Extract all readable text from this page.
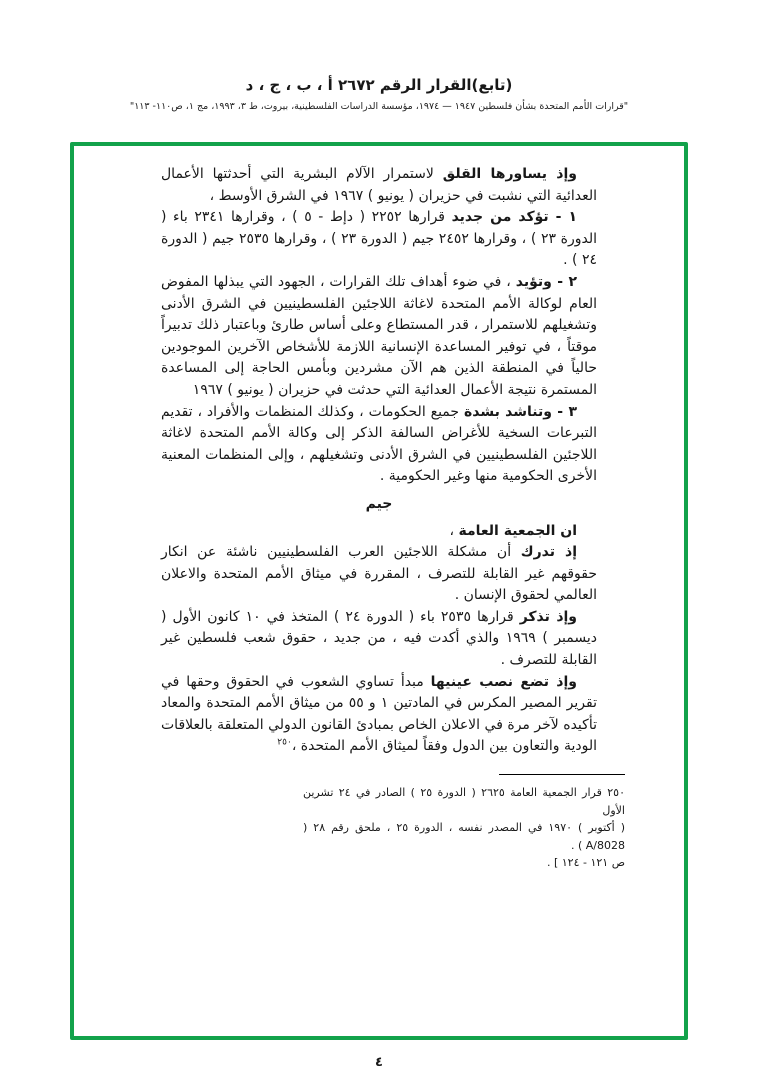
(تابع)القرار الرقم ٢٦٧٢ أ ، ب ، ج ، د
"قرارات الأمم المتحدة بشأن فلسطين ١٩٤٧ — ١٩٧٤، مؤسسة الدراسات الفلسطينية، بيروت، ط ٣، ١٩٩٣، مج ١، ص١١٠- ١١٣"

وإذ يساورها القلق لاستمرار الآلام البشرية التي أحدثتها الأعمال العدائية التي نشبت في حزيران ( يونيو ) ١٩٦٧ في الشرق الأوسط ،

١ - تؤكد من جديد قرارها ٢٢٥٢ ( دإط - ٥ ) ، وقرارها ٢٣٤١ باء ( الدورة ٢٣ ) ، وقرارها ٢٤٥٢ جيم ( الدورة ٢٣ ) ، وقرارها ٢٥٣٥ جيم ( الدورة ٢٤ ) .

٢ - وتؤيد ، في ضوء أهداف تلك القرارات ، الجهود التي يبذلها المفوض العام لوكالة الأمم المتحدة لاغاثة اللاجئين الفلسطينيين في الشرق الأدنى وتشغيلهم للاستمرار ، قدر المستطاع وعلى أساس طارئ وباعتبار ذلك تدبيراً موقتاً ، في توفير المساعدة الإنسانية اللازمة للأشخاص الآخرين الموجودين حالياً في المنطقة الذين هم الآن مشردين وبأمس الحاجة إلى المساعدة المستمرة نتيجة الأعمال العدائية التي حدثت في حزيران ( يونيو ) ١٩٦٧

٣ - وتناشد بشدة جميع الحكومات ، وكذلك المنظمات والأفراد ، تقديم التبرعات السخية للأغراض السالفة الذكر إلى وكالة الأمم المتحدة لاغاثة اللاجئين الفلسطينيين في الشرق الأدنى وتشغيلهم ، وإلى المنظمات المعنية الأخرى الحكومية منها وغير الحكومية .

جيم

ان الجمعية العامة ،

إذ تدرك أن مشكلة اللاجئين العرب الفلسطينيين ناشئة عن انكار حقوقهم غير القابلة للتصرف ، المقررة في ميثاق الأمم المتحدة والاعلان العالمي لحقوق الإنسان .

وإذ تذكر قرارها ٢٥٣٥ باء ( الدورة ٢٤ ) المتخذ في ١٠ كانون الأول ( ديسمبر ) ١٩٦٩ والذي أكدت فيه ، من جديد ، حقوق شعب فلسطين غير القابلة للتصرف .

وإذ تضع نصب عينيها مبدأ تساوي الشعوب في الحقوق وحقها في تقرير المصير المكرس في المادتين ١ و ٥٥ من ميثاق الأمم المتحدة والمعاد تأكيده لآخر مرة في الاعلان الخاص بمبادئ القانون الدولي المتعلقة بالعلاقات الودية والتعاون بين الدول وفقاً لميثاق الأمم المتحدة ،$^{٢٥٠}$

٢٥٠ قرار الجمعية العامة ٢٦٢٥ ( الدورة ٢٥ ) الصادر في ٢٤ تشرين الأول
( أكتوبر ) ١٩٧٠ في المصدر نفسه ، الدورة ٢٥ ، ملحق رقم ٢٨ ( A/8028 ) .
ص ١٢١ - ١٢٤ ] .
٤
